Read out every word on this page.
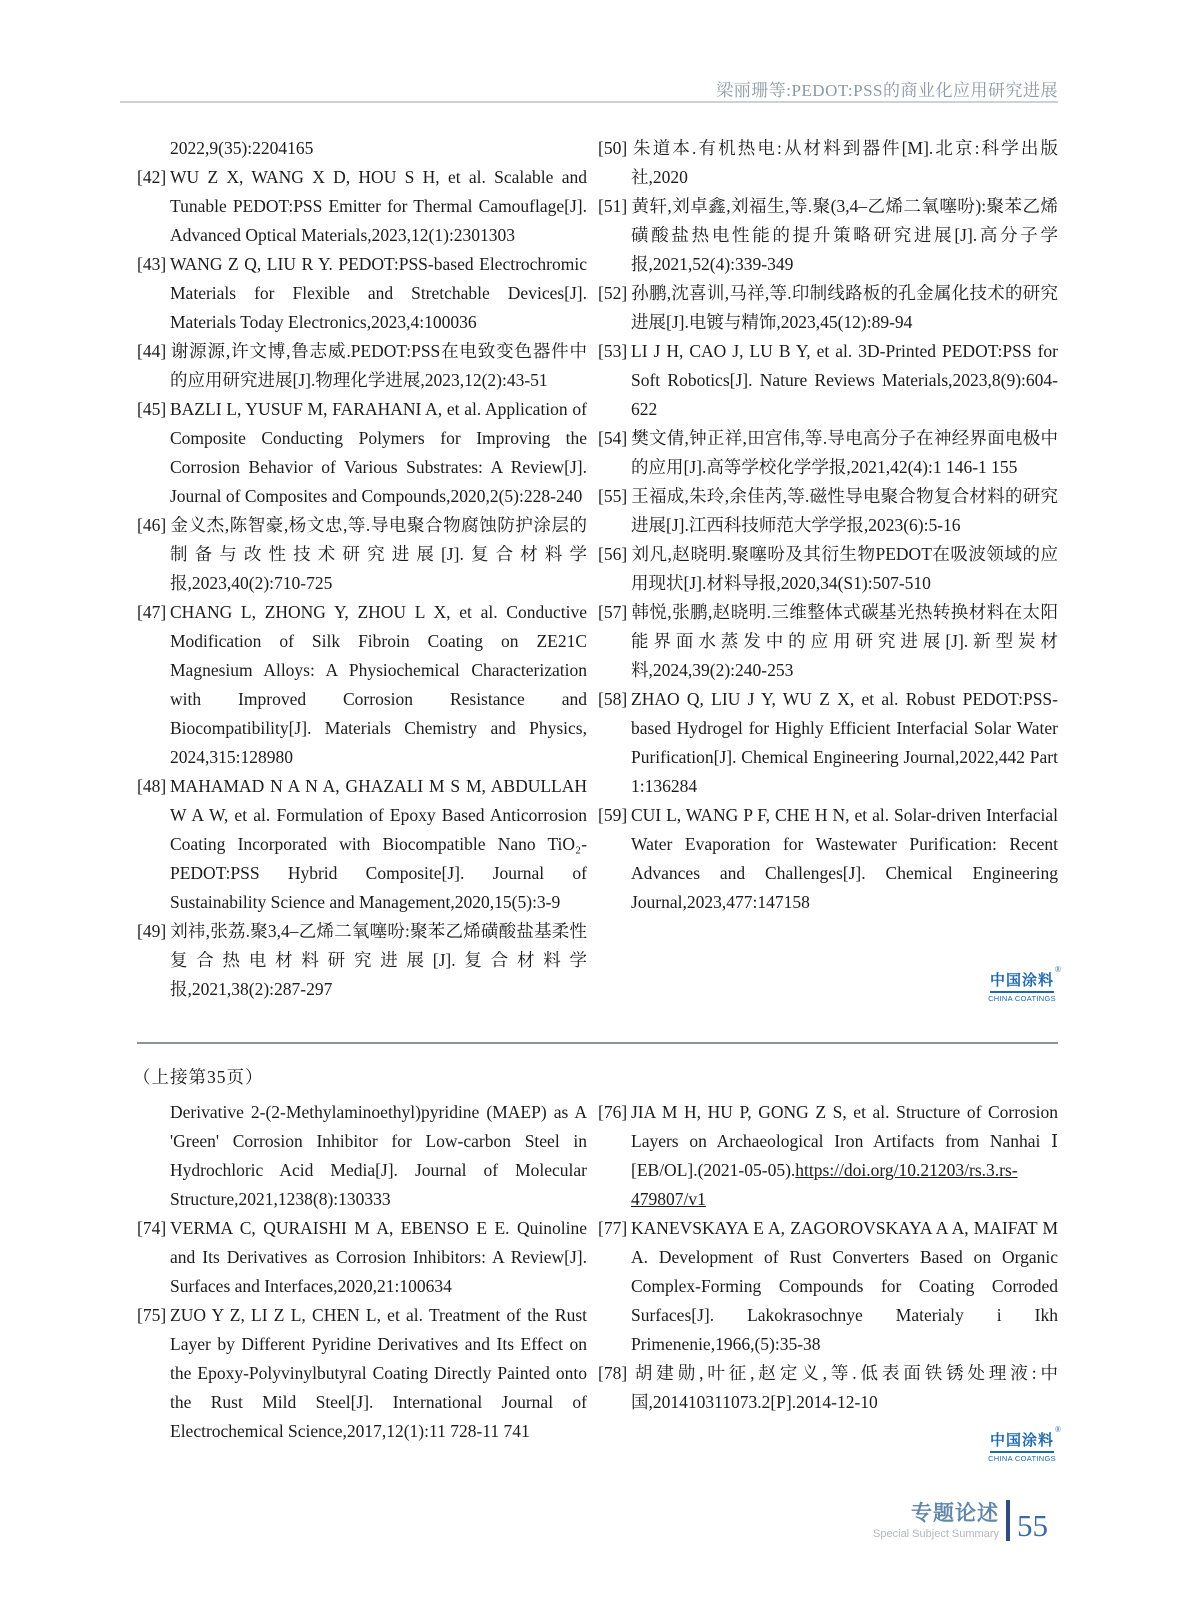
梁丽珊等:PEDOT:PSS的商业化应用研究进展
2022,9(35):2204165
[42] WU Z X, WANG X D, HOU S H, et al. Scalable and Tunable PEDOT:PSS Emitter for Thermal Camouflage[J]. Advanced Optical Materials,2023,12(1):2301303
[43] WANG Z Q, LIU R Y. PEDOT:PSS-based Electrochromic Materials for Flexible and Stretchable Devices[J]. Materials Today Electronics,2023,4:100036
[44] 谢源源,许文博,鲁志威.PEDOT:PSS在电致变色器件中的应用研究进展[J].物理化学进展,2023,12(2):43-51
[45] BAZLI L, YUSUF M, FARAHANI A, et al. Application of Composite Conducting Polymers for Improving the Corrosion Behavior of Various Substrates: A Review[J]. Journal of Composites and Compounds,2020,2(5):228-240
[46] 金义杰,陈智豪,杨文忠,等.导电聚合物腐蚀防护涂层的制备与改性技术研究进展[J].复合材料学报,2023,40(2):710-725
[47] CHANG L, ZHONG Y, ZHOU L X, et al. Conductive Modification of Silk Fibroin Coating on ZE21C Magnesium Alloys: A Physiochemical Characterization with Improved Corrosion Resistance and Biocompatibility[J]. Materials Chemistry and Physics, 2024,315:128980
[48] MAHAMAD N A N A, GHAZALI M S M, ABDULLAH W A W, et al. Formulation of Epoxy Based Anticorrosion Coating Incorporated with Biocompatible Nano TiO₂-PEDOT:PSS Hybrid Composite[J]. Journal of Sustainability Science and Management,2020,15(5):3-9
[49] 刘祎,张荔.聚3,4–乙烯二氧噻吩:聚苯乙烯磺酸盐基柔性复合热电材料研究进展[J].复合材料学报,2021,38(2):287-297
[50] 朱道本.有机热电:从材料到器件[M].北京:科学出版社,2020
[51] 黄轩,刘卓鑫,刘福生,等.聚(3,4–乙烯二氧噻吩):聚苯乙烯磺酸盐热电性能的提升策略研究进展[J].高分子学报,2021,52(4):339-349
[52] 孙鹏,沈喜训,马祥,等.印制线路板的孔金属化技术的研究进展[J].电镀与精饰,2023,45(12):89-94
[53] LI J H, CAO J, LU B Y, et al. 3D-Printed PEDOT:PSS for Soft Robotics[J]. Nature Reviews Materials,2023,8(9):604-622
[54] 樊文倩,钟正祥,田宫伟,等.导电高分子在神经界面电极中的应用[J].高等学校化学学报,2021,42(4):1 146-1 155
[55] 王福成,朱玲,余佳芮,等.磁性导电聚合物复合材料的研究进展[J].江西科技师范大学学报,2023(6):5-16
[56] 刘凡,赵晓明.聚噻吩及其衍生物PEDOT在吸波领域的应用现状[J].材料导报,2020,34(S1):507-510
[57] 韩悦,张鹏,赵晓明.三维整体式碳基光热转换材料在太阳能界面水蒸发中的应用研究进展[J].新型炭材料,2024,39(2):240-253
[58] ZHAO Q, LIU J Y, WU Z X, et al. Robust PEDOT:PSS-based Hydrogel for Highly Efficient Interfacial Solar Water Purification[J]. Chemical Engineering Journal,2022,442 Part 1:136284
[59] CUI L, WANG P F, CHE H N, et al. Solar-driven Interfacial Water Evaporation for Wastewater Purification: Recent Advances and Challenges[J]. Chemical Engineering Journal,2023,477:147158
中国涂料
®
CHINA COATINGS
（上接第35页）
Derivative 2-(2-Methylaminoethyl)pyridine (MAEP) as A 'Green' Corrosion Inhibitor for Low-carbon Steel in Hydrochloric Acid Media[J]. Journal of Molecular Structure,2021,1238(8):130333
[74] VERMA C, QURAISHI M A, EBENSO E E. Quinoline and Its Derivatives as Corrosion Inhibitors: A Review[J]. Surfaces and Interfaces,2020,21:100634
[75] ZUO Y Z, LI Z L, CHEN L, et al. Treatment of the Rust Layer by Different Pyridine Derivatives and Its Effect on the Epoxy-Polyvinylbutyral Coating Directly Painted onto the Rust Mild Steel[J]. International Journal of Electrochemical Science,2017,12(1):11 728-11 741
[76] JIA M H, HU P, GONG Z S, et al. Structure of Corrosion Layers on Archaeological Iron Artifacts from Nanhai Ⅰ [EB/OL].(2021-05-05).https://doi.org/10.21203/rs.3.rs-479807/v1
[77] KANEVSKAYA E A, ZAGOROVSKAYA A A, MAIFAT M A. Development of Rust Converters Based on Organic Complex-Forming Compounds for Coating Corroded Surfaces[J]. Lakokrasochnye Materialy i Ikh Primenenie,1966,(5):35-38
[78] 胡建勋,叶征,赵定义,等.低表面铁锈处理液:中国,201410311073.2[P].2014-12-10
中国涂料
®
CHINA COATINGS
专题论述
Special Subject Summary 55
